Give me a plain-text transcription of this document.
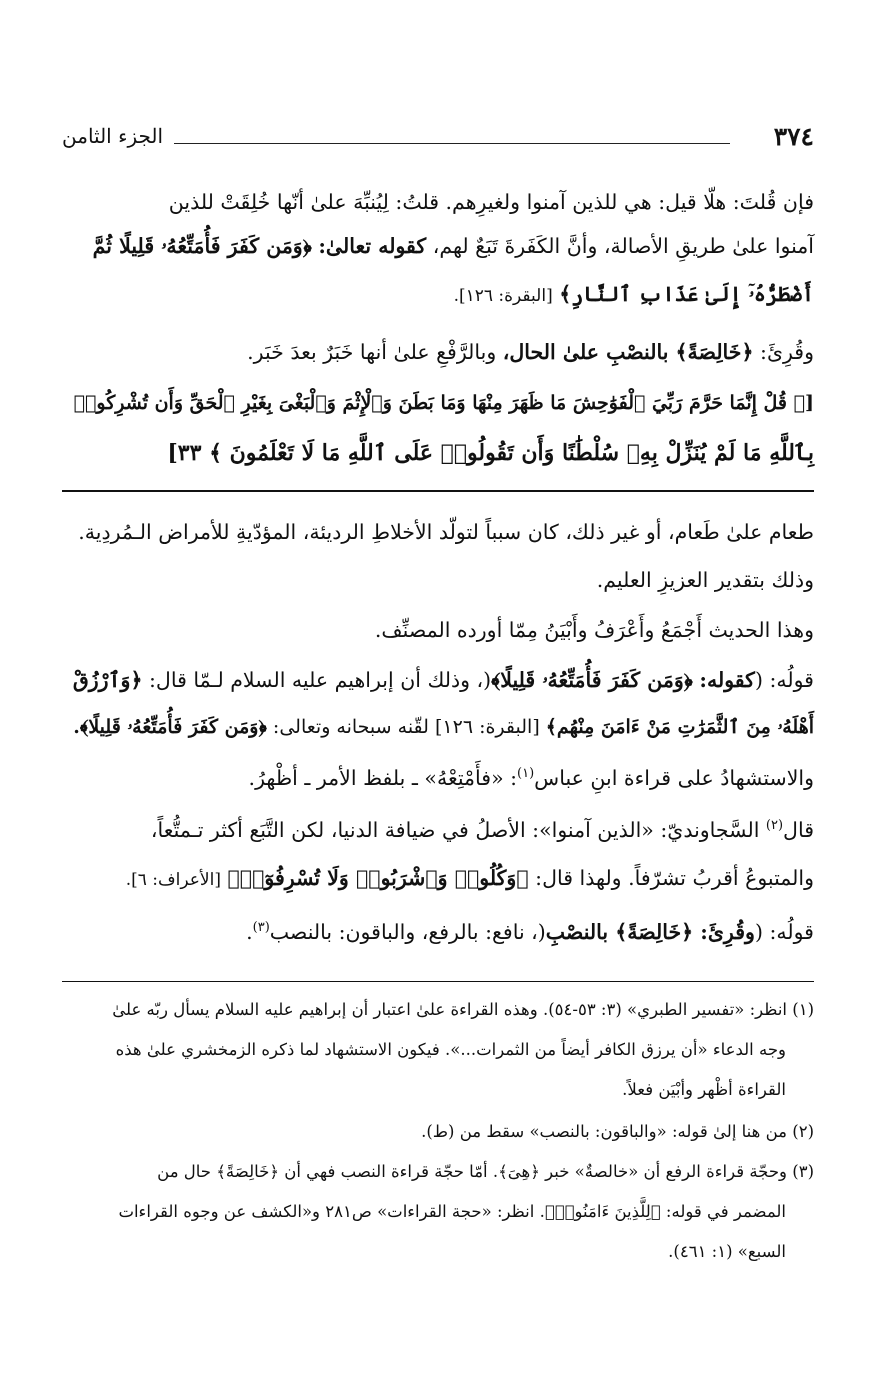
٣٧٤
الجزء الثامن
فإن قُلتَ: هلّا قيل: هي للذين آمنوا ولغيرِهم. قلتُ: لِيُنبِّهَ علىٰ أنّها خُلِقَتْ للذين
آمنوا علىٰ طريقِ الأصالة، وأنَّ الكَفَرةَ تَبَعٌ لهم، كقوله تعالىٰ: ﴿وَمَن كَفَرَ فَأُمَتِّعُهُۥ قَلِيلًا ثُمَّ
أَضْطَرُّهُۥٓ إِلَىٰ عَذَابِ ٱلنَّارِ﴾ [البقرة: ١٢٦].
وقُرِئَ: ﴿خَالِصَةً﴾ بالنصْبِ علىٰ الحال، وبالرَّفْعِ علىٰ أنها خَبَرٌ بعدَ خَبَر.
[﴿ قُلْ إِنَّمَا حَرَّمَ رَبِّيَ ٱلْفَوَٰحِشَ مَا ظَهَرَ مِنْهَا وَمَا بَطَنَ وَٱلْإِثْمَ وَٱلْبَغْىَ بِغَيْرِ ٱلْحَقِّ وَأَن تُشْرِكُوا۟
بِٱللَّهِ مَا لَمْ يُنَزِّلْ بِهِۦ سُلْطَٰنًا وَأَن تَقُولُوا۟ عَلَى ٱللَّهِ مَا لَا تَعْلَمُونَ ﴾ ٣٣]
طعام علىٰ طَعام، أو غير ذلك، كان سبباً لتولّد الأخلاطِ الرديئة، المؤدّيةِ للأمراض الـمُردِية.
وذلك بتقدير العزيزِ العليم.
وهذا الحديث أَجْمَعُ وأَعْرَفُ وأَبْيَنُ مِمّا أورده المصنِّف.
قولُه: (كقوله: ﴿وَمَن كَفَرَ فَأُمَتِّعُهُۥ قَلِيلًا﴾(، وذلك أن إبراهيم عليه السلام لـمّا قال: ﴿وَٱرْزُقْ
أَهْلَهُۥ مِنَ ٱلثَّمَرَٰتِ مَنْ ءَامَنَ مِنْهُم﴾ [البقرة: ١٢٦] لقّنه سبحانه وتعالى: ﴿وَمَن كَفَرَ فَأُمَتِّعُهُۥ قَلِيلًا﴾.
والاستشهادُ على قراءة ابنِ عباس$^{(١)}$: «فأَمْتِعْهُ» ـ بلفظ الأمر ـ أظْهرُ.
قال$^{(٢)}$ السَّجاونديّ: «الذين آمنوا»: الأصلُ في ضيافة الدنيا، لكن التَّبَع أكثر تـمتُّعاً،
والمتبوعُ أقربُ تشرّفاً. ولهذا قال: ﴿وَكُلُوا۟ وَٱشْرَبُوا۟ وَلَا تُسْرِفُوٓا۟﴾ [الأعراف: ٦].
قولُه: (وقُرِئَ: ﴿خَالِصَةً﴾ بالنصْبِ(، نافع: بالرفع، والباقون: بالنصب$^{(٣)}$.
(١) انظر: «تفسير الطبري» (٣: ٥٣-٥٤). وهذه القراءة علىٰ اعتبار أن إبراهيم عليه السلام يسأل ربّه علىٰ
وجه الدعاء «أن يرزق الكافر أيضاً من الثمرات...». فيكون الاستشهاد لما ذكره الزمخشري علىٰ هذه
القراءة أظْهر وأبْيَن فعلاً.
(٢) من هنا إلىٰ قوله: «والباقون: بالنصب» سقط من (ط).
(٣) وحجّة قراءة الرفع أن «خالصةٌ» خبر ﴿هِىَ﴾. أمّا حجّة قراءة النصب فهي أن ﴿خَالِصَةً﴾ حال من
المضمر في قوله: ﴿لِلَّذِينَ ءَامَنُوا۟﴾. انظر: «حجة القراءات» ص٢٨١ و«الكشف عن وجوه القراءات
السبع» (١: ٤٦١).
